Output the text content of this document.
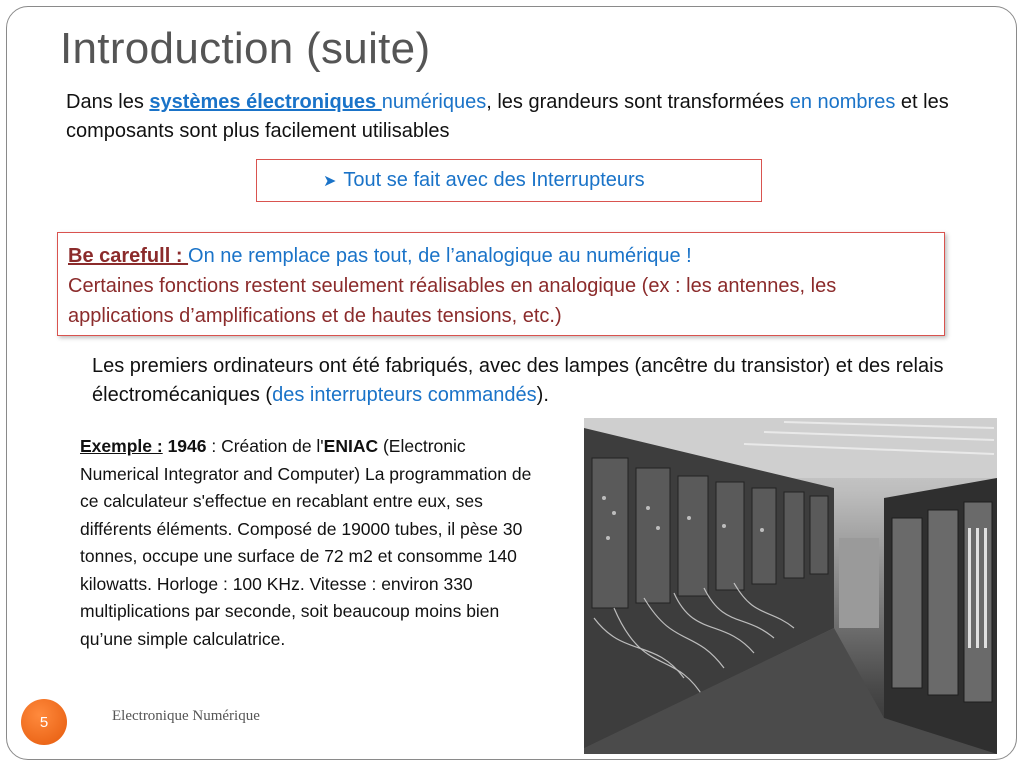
Introduction (suite)

Dans les systèmes électroniques numériques, les grandeurs sont transformées en nombres et les composants sont plus facilement utilisables

➤ Tout se fait avec des Interrupteurs
Be carefull : On ne remplace pas tout, de l’analogique au numérique !
Certaines fonctions restent seulement réalisables en analogique (ex : les antennes, les applications d’amplifications et de hautes tensions, etc.)

Les premiers ordinateurs ont été fabriqués, avec des lampes (ancêtre du transistor) et des relais électromécaniques (des interrupteurs commandés).

Exemple : 1946 : Création de l'ENIAC (Electronic Numerical Integrator and Computer) La programmation de ce calculateur s'effectue en recablant entre eux, ses différents éléments. Composé de 19000 tubes, il pèse 30 tonnes, occupe une surface de 72 m2 et consomme 140 kilowatts. Horloge : 100 KHz. Vitesse : environ 330 multiplications par seconde, soit beaucoup moins bien qu’une simple calculatrice.

5	Electronique Numérique
